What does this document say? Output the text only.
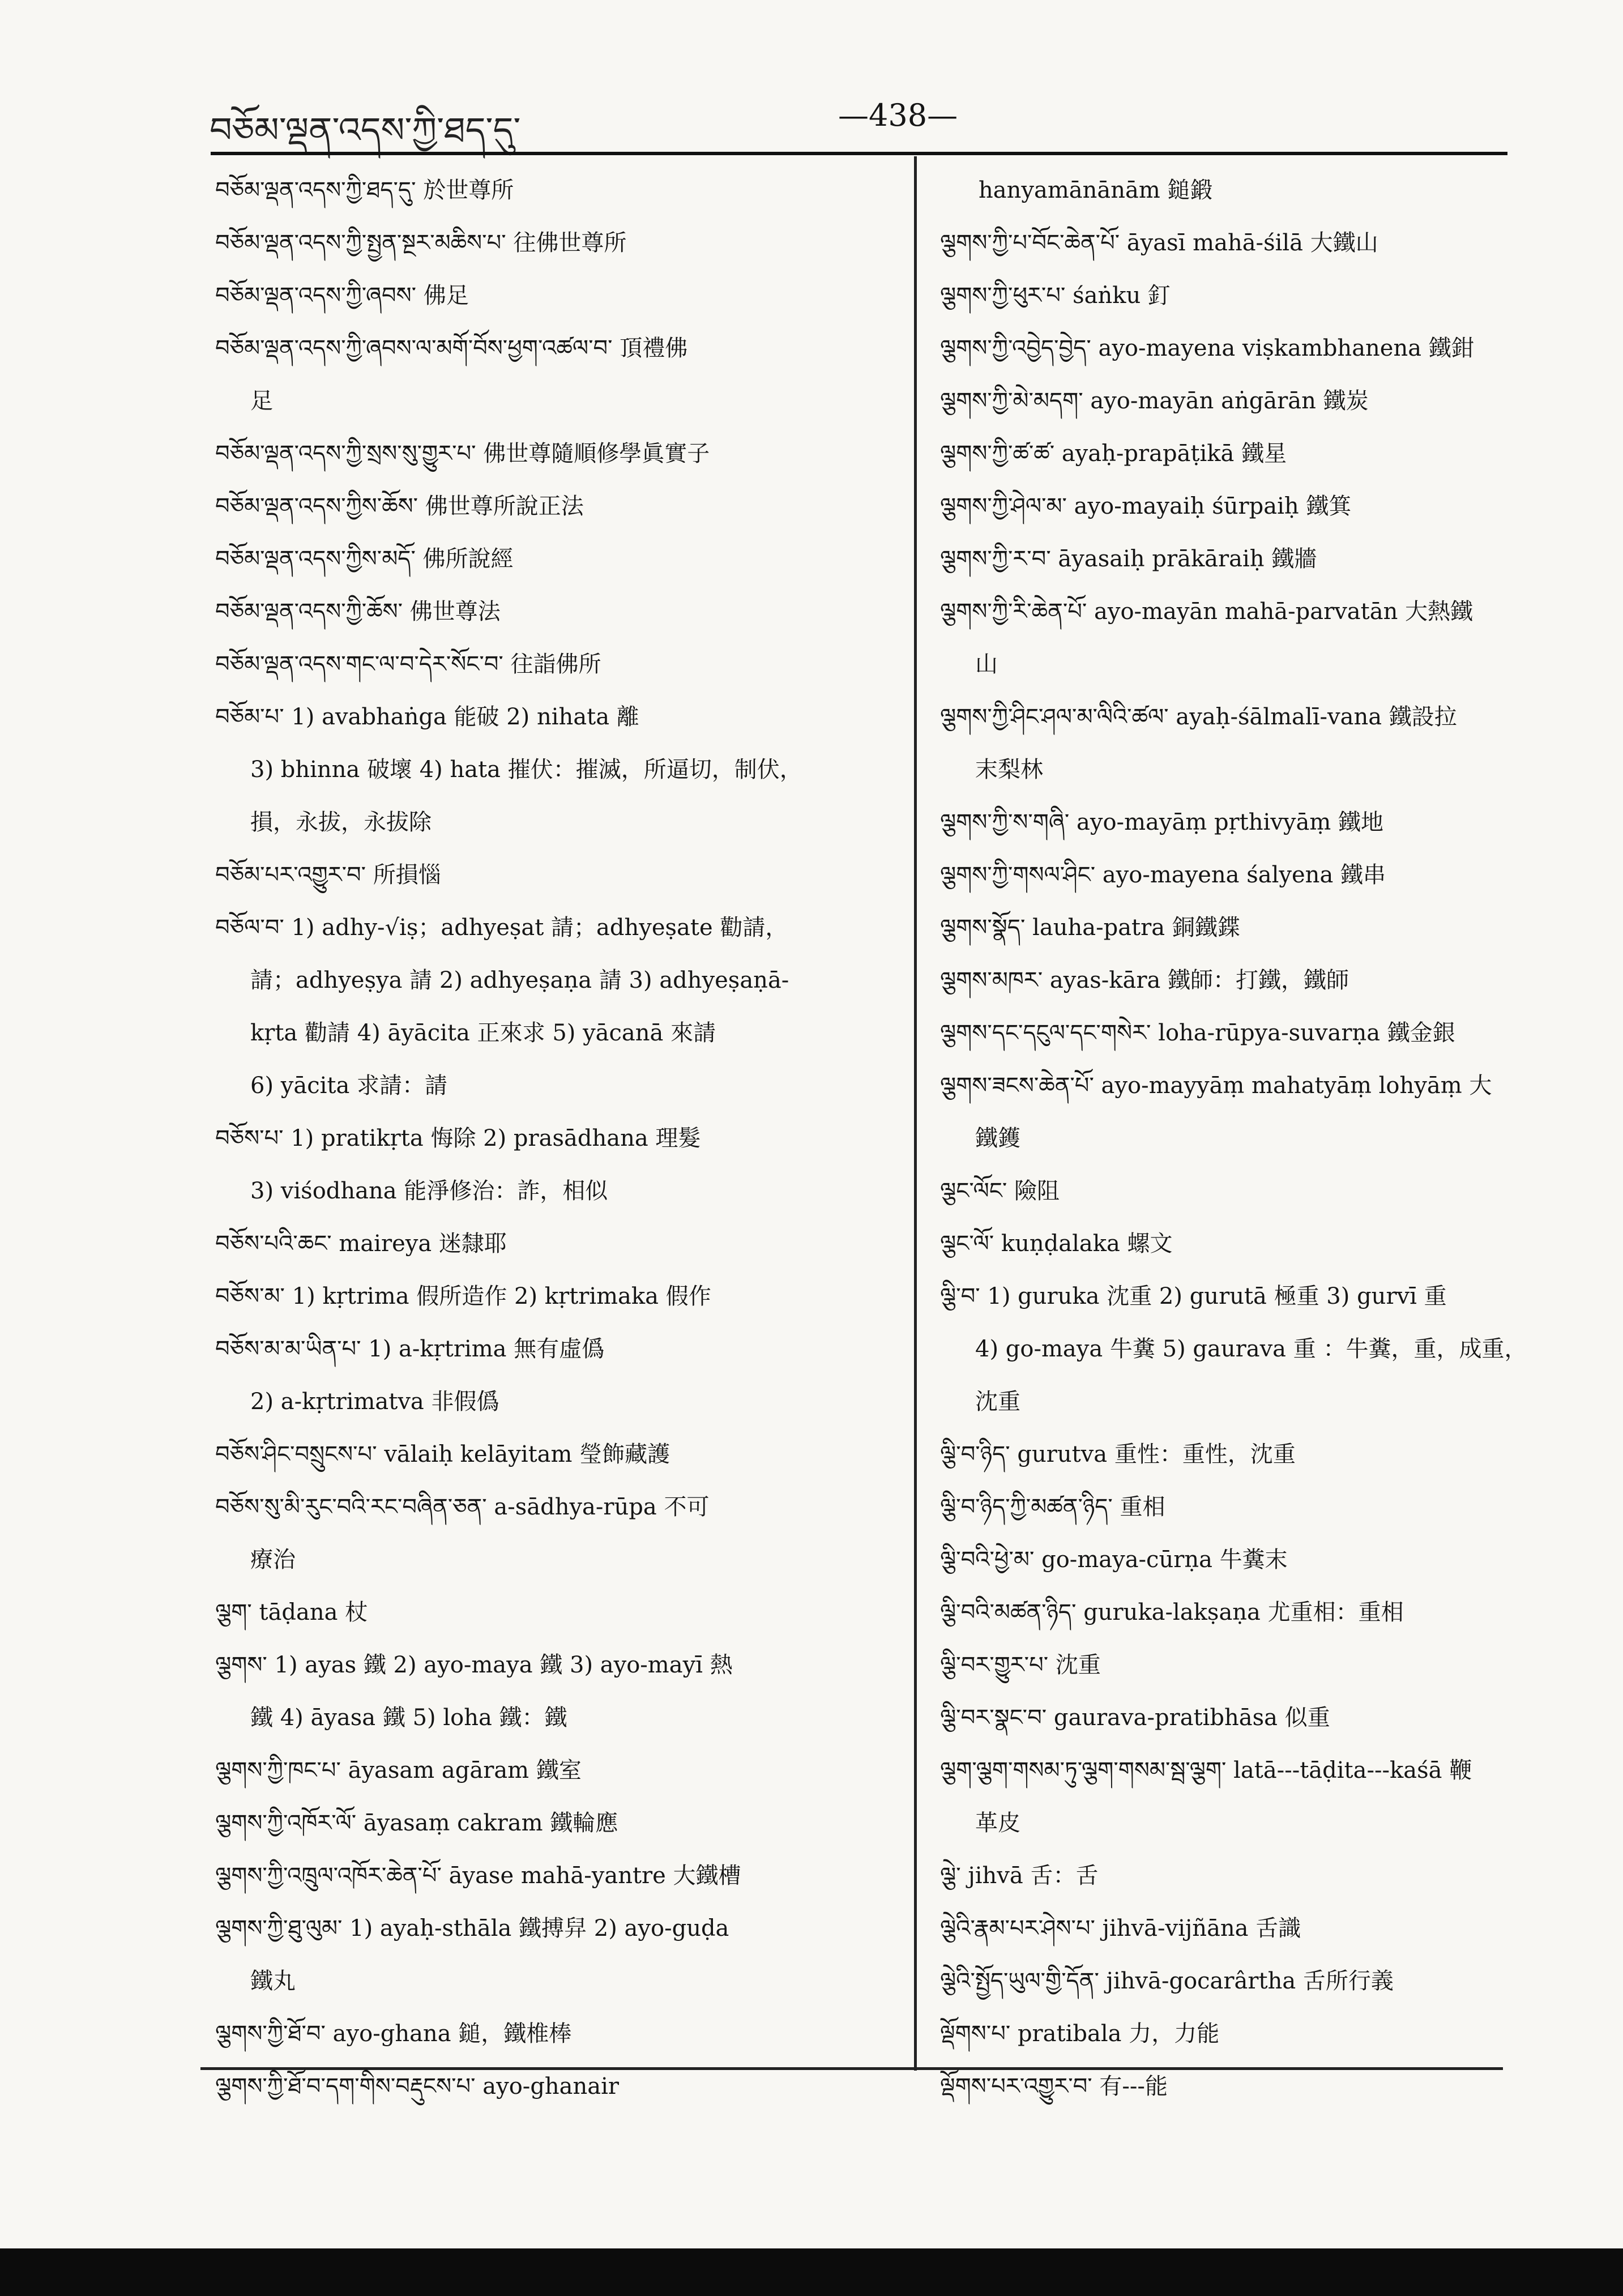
བཅོམ་ལྡན་འདས་ཀྱི་ཐད་དུ་	—438—
བཅོམ་ལྡན་འདས་ཀྱི་ཐད་དུ་ 於世尊所
བཅོམ་ལྡན་འདས་ཀྱི་སྤྱན་སྔར་མཆིས་པ་ 往佛世尊所
བཅོམ་ལྡན་འདས་ཀྱི་ཞབས་ 佛足
བཅོམ་ལྡན་འདས་ཀྱི་ཞབས་ལ་མགོ་བོས་ཕྱག་འཚལ་བ་ 頂禮佛
足
བཅོམ་ལྡན་འདས་ཀྱི་སྲས་སུ་གྱུར་པ་ 佛世尊隨順修學眞實子
བཅོམ་ལྡན་འདས་ཀྱིས་ཆོས་ 佛世尊所說正法
བཅོམ་ལྡན་འདས་ཀྱིས་མདོ་ 佛所說經
བཅོམ་ལྡན་འདས་ཀྱི་ཆོས་ 佛世尊法
བཅོམ་ལྡན་འདས་གང་ལ་བ་དེར་སོང་བ་ 往詣佛所
བཅོམ་པ་ 1) avabhaṅga 能破 2) nihata 離
3) bhinna 破壞 4) hata 摧伏：摧滅，所逼切，制伏，
損，永拔，永拔除
བཅོམ་པར་འགྱུར་བ་ 所損惱
བཅོལ་བ་ 1) adhy-√iṣ；adhyeṣat 請；adhyeṣate 勸請，
請；adhyeṣya 請 2) adhyeṣaṇa 請 3) adhyeṣaṇā-
kṛta 勸請 4) āyācita 正來求 5) yācanā 來請
6) yācita 求請：請
བཅོས་པ་ 1) pratikṛta 悔除 2) prasādhana 理髮
3) viśodhana 能淨修治：詐，相似
བཅོས་པའི་ཆང་ maireya 迷隸耶
བཅོས་མ་ 1) kṛtrima 假所造作 2) kṛtrimaka 假作
བཅོས་མ་མ་ཡིན་པ་ 1) a-kṛtrima 無有虛僞
2) a-kṛtrimatva 非假僞
བཅོས་ཤིང་བསྲུངས་པ་ vālaiḥ kelāyitam 瑩飾藏護
བཅོས་སུ་མི་རུང་བའི་རང་བཞིན་ཅན་ a-sādhya-rūpa 不可
療治
ལྕག་ tāḍana 杖
ལྕགས་ 1) ayas 鐵 2) ayo-maya 鐵 3) ayo-mayī 熱
鐵 4) āyasa 鐵 5) loha 鐵：鐵
ལྕགས་ཀྱི་ཁང་པ་ āyasam agāram 鐵室
ལྕགས་ཀྱི་འཁོར་ལོ་ āyasaṃ cakram 鐵輪應
ལྕགས་ཀྱི་འཁྲུལ་འཁོར་ཆེན་པོ་ āyase mahā-yantre 大鐵槽
ལྕགས་ཀྱི་ཐུ་ལུམ་ 1) ayaḥ-sthāla 鐵搏舁 2) ayo-guḍa
鐵丸
ལྕགས་ཀྱི་ཐོ་བ་ ayo-ghana 鎚，鐵椎棒
ལྕགས་ཀྱི་ཐོ་བ་དག་གིས་བརྡུངས་པ་ ayo-ghanair
hanyamānānām 鎚鍛
ལྕགས་ཀྱི་པ་བོང་ཆེན་པོ་ āyasī mahā-śilā 大鐵山
ལྕགས་ཀྱི་ཕུར་པ་ śaṅku 釘
ལྕགས་ཀྱི་འབྱེད་བྱེད་ ayo-mayena viṣkambhanena 鐵鉗
ལྕགས་ཀྱི་མེ་མདག་ ayo-mayān aṅgārān 鐵炭
ལྕགས་ཀྱི་ཚ་ཚ་ ayaḥ-prapāṭikā 鐵星
ལྕགས་ཀྱི་ཤེལ་མ་ ayo-mayaiḥ śūrpaiḥ 鐵箕
ལྕགས་ཀྱི་ར་བ་ āyasaiḥ prākāraiḥ 鐵牆
ལྕགས་ཀྱི་རི་ཆེན་པོ་ ayo-mayān mahā-parvatān 大熱鐵
山
ལྕགས་ཀྱི་ཤིང་ཤལ་མ་ལིའི་ཚལ་ ayaḥ-śālmalī-vana 鐵設拉
末梨林
ལྕགས་ཀྱི་ས་གཞི་ ayo-mayāṃ pṛthivyāṃ 鐵地
ལྕགས་ཀྱི་གསལ་ཤིང་ ayo-mayena śalyena 鐵串
ལྕགས་སྣོད་ lauha-patra 銅鐵鍱
ལྕགས་མཁར་ ayas-kāra 鐵師：打鐵，鐵師
ལྕགས་དང་དངུལ་དང་གསེར་ loha-rūpya-suvarṇa 鐵金銀
ལྕགས་ཟངས་ཆེན་པོ་ ayo-mayyāṃ mahatyāṃ lohyāṃ 大
鐵鑊
ལྕང་ལོང་ 險阻
ལྕང་ལོ་ kuṇḍalaka 螺文
ལྕི་བ་ 1) guruka 沈重 2) gurutā 極重 3) gurvī 重
4) go-maya 牛糞 5) gaurava 重 ：牛糞，重，成重，
沈重
ལྕི་བ་ཉིད་ gurutva 重性：重性，沈重
ལྕི་བ་ཉིད་ཀྱི་མཚན་ཉིད་ 重相
ལྕི་བའི་ཕྱེ་མ་ go-maya-cūrṇa 牛糞末
ལྕི་བའི་མཚན་ཉིད་ guruka-lakṣaṇa 尤重相：重相
ལྕི་བར་གྱུར་པ་ 沈重
ལྕི་བར་སྣང་བ་ gaurava-pratibhāsa 似重
ལྕག་ལྕག་གསམ་ཏུ་ལྕག་གསམ་སྦ་ལྕག་ latā---tāḍita---kaśā 鞭
革皮
ལྕེ་ jihvā 舌：舌
ལྕེའི་རྣམ་པར་ཤེས་པ་ jihvā-vijñāna 舌識
ལྕེའི་སྤྱོད་ཡུལ་གྱི་དོན་ jihvā-gocarârtha 舌所行義
ལྡོགས་པ་ pratibala 力，力能
ལྡོགས་པར་འགྱུར་བ་ 有---能
